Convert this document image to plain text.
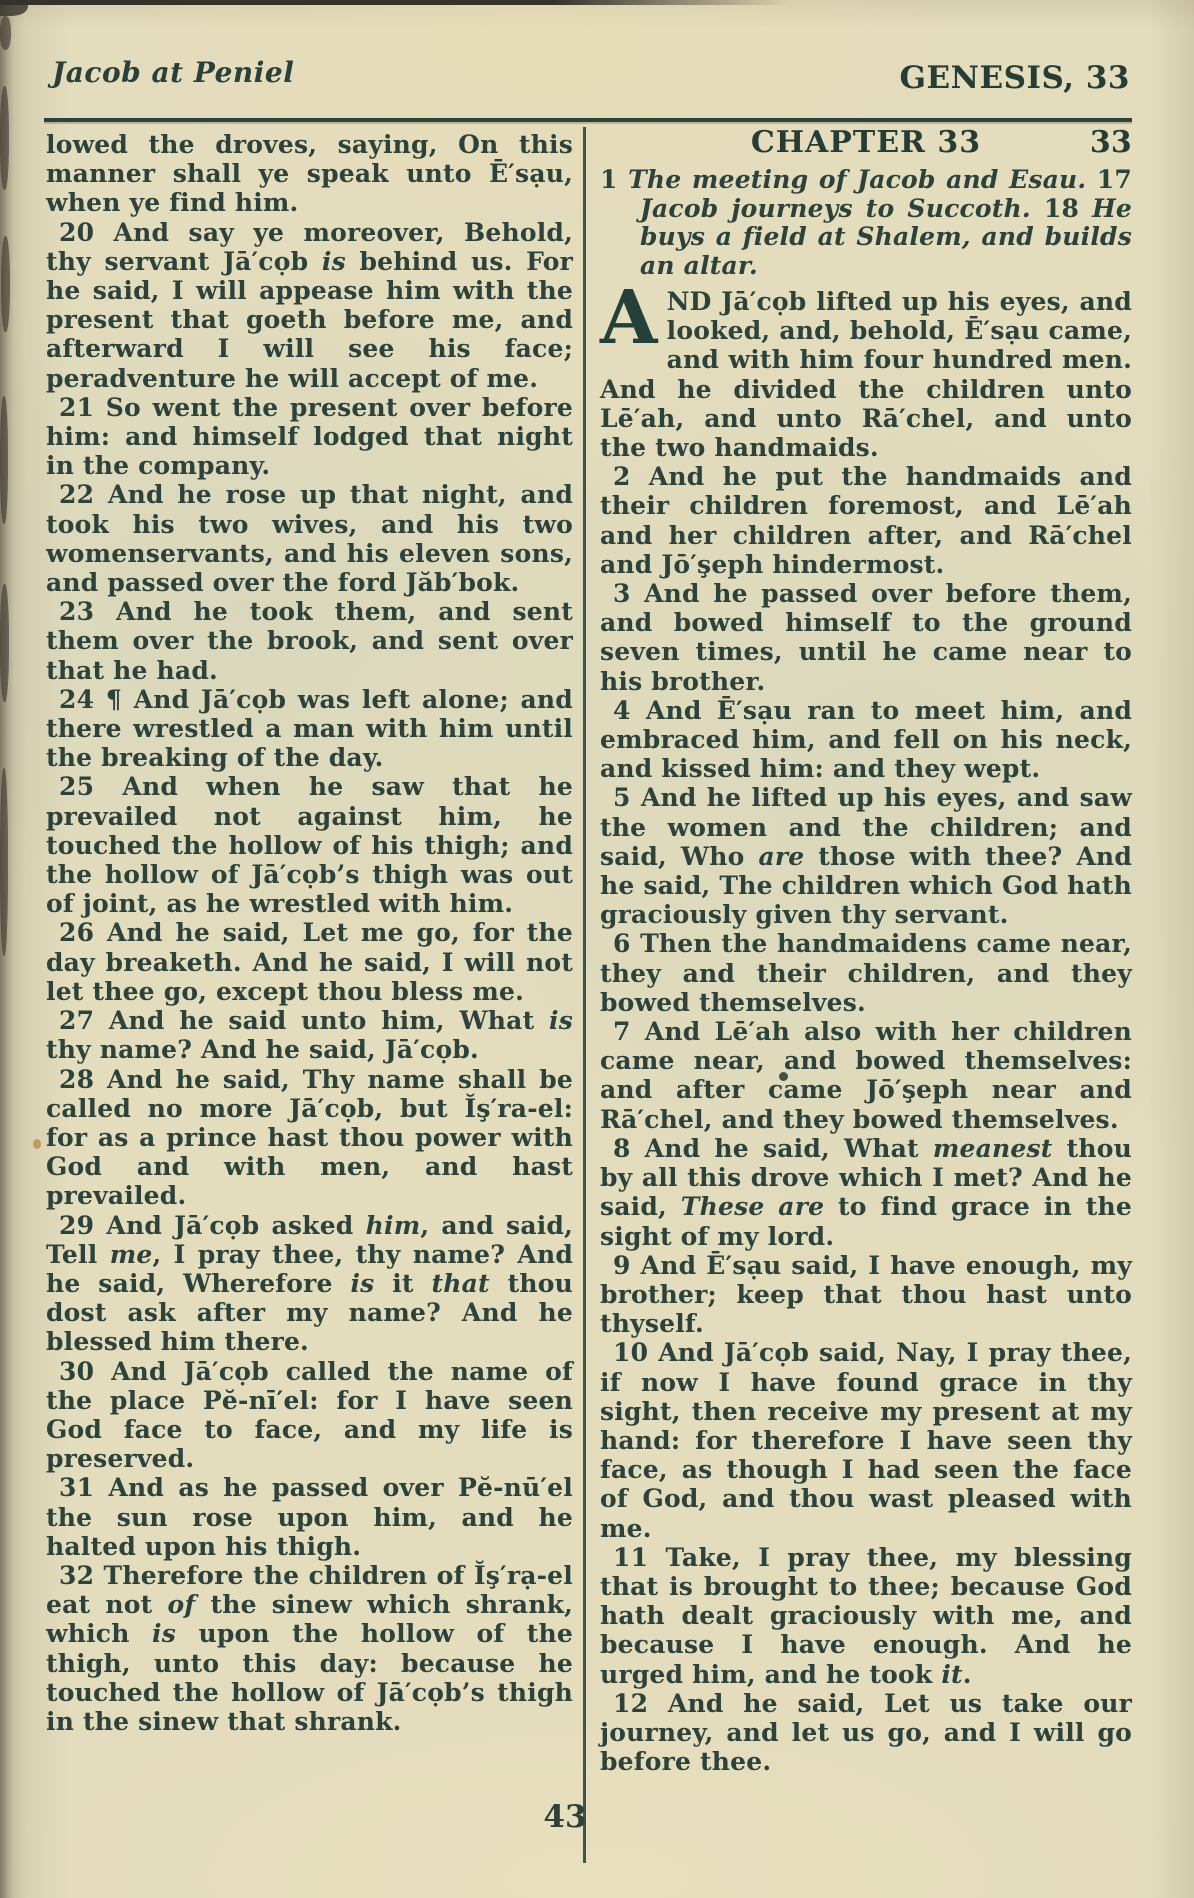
Jacob at Peniel	GENESIS, 33

lowed the droves, saying, On this manner shall ye speak unto Ē′sạu, when ye find him.

20 And say ye moreover, Behold, thy servant Jā′cọb is behind us. For he said, I will appease him with the present that goeth before me, and afterward I will see his face; peradventure he will accept of me.

21 So went the present over before him: and himself lodged that night in the company.

22 And he rose up that night, and took his two wives, and his two womenservants, and his eleven sons, and passed over the ford Jăb′bok.

23 And he took them, and sent them over the brook, and sent over that he had.

24 ¶ And Jā′cọb was left alone; and there wrestled a man with him until the breaking of the day.

25 And when he saw that he prevailed not against him, he touched the hollow of his thigh; and the hollow of Jā′cọb’s thigh was out of joint, as he wrestled with him.

26 And he said, Let me go, for the day breaketh. And he said, I will not let thee go, except thou bless me.

27 And he said unto him, What is thy name? And he said, Jā′cọb.

28 And he said, Thy name shall be called no more Jā′cọb, but Ĭş′ra-el: for as a prince hast thou power with God and with men, and hast prevailed.

29 And Jā′cọb asked him, and said, Tell me, I pray thee, thy name? And he said, Wherefore is it that thou dost ask after my name? And he blessed him there.

30 And Jā′cọb called the name of the place Pĕ-nī′el: for I have seen God face to face, and my life is preserved.

31 And as he passed over Pĕ-nū′el the sun rose upon him, and he halted upon his thigh.

32 Therefore the children of Ĭş′rạ-el eat not of the sinew which shrank, which is upon the hollow of the thigh, unto this day: because he touched the hollow of Jā′cọb’s thigh in the sinew that shrank.

CHAPTER 33	33

1 The meeting of Jacob and Esau. 17 Jacob journeys to Succoth. 18 He buys a field at Shalem, and builds an altar.

AND Jā′cọb lifted up his eyes, and looked, and, behold, Ē′sạu came, and with him four hundred men. And he divided the children unto Lē′ah, and unto Rā′chel, and unto the two handmaids.

2 And he put the handmaids and their children foremost, and Lē′ah and her children after, and Rā′chel and Jō′şeph hindermost.

3 And he passed over before them, and bowed himself to the ground seven times, until he came near to his brother.

4 And Ē′sạu ran to meet him, and embraced him, and fell on his neck, and kissed him: and they wept.

5 And he lifted up his eyes, and saw the women and the children; and said, Who are those with thee? And he said, The children which God hath graciously given thy servant.

6 Then the handmaidens came near, they and their children, and they bowed themselves.

7 And Lē′ah also with her children came near, and bowed themselves: and after came Jō′şeph near and Rā′chel, and they bowed themselves.

8 And he said, What meanest thou by all this drove which I met? And he said, These are to find grace in the sight of my lord.

9 And Ē′sạu said, I have enough, my brother; keep that thou hast unto thyself.

10 And Jā′cọb said, Nay, I pray thee, if now I have found grace in thy sight, then receive my present at my hand: for therefore I have seen thy face, as though I had seen the face of God, and thou wast pleased with me.

11 Take, I pray thee, my blessing that is brought to thee; because God hath dealt graciously with me, and because I have enough. And he urged him, and he took it.

12 And he said, Let us take our journey, and let us go, and I will go before thee.

43
